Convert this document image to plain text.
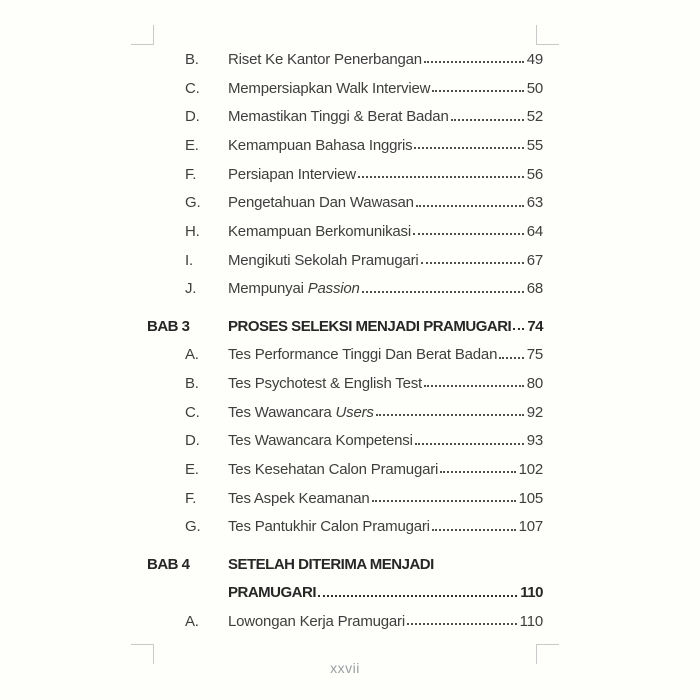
B.	Riset Ke Kantor Penerbangan	49
C.	Mempersiapkan Walk Interview	50
D.	Memastikan Tinggi & Berat Badan	52
E.	Kemampuan Bahasa Inggris	55
F.	Persiapan Interview	56
G.	Pengetahuan Dan Wawasan	63
H.	Kemampuan Berkomunikasi	64
I.	Mengikuti Sekolah Pramugari	67
J.	Mempunyai Passion	68
BAB 3	PROSES SELEKSI MENJADI PRAMUGARI 74
A.	Tes Performance Tinggi Dan Berat Badan 75
B.	Tes Psychotest & English Test	80
C.	Tes Wawancara Users	92
D.	Tes Wawancara Kompetensi	93
E.	Tes Kesehatan Calon Pramugari	102
F.	Tes Aspek Keamanan	105
G.	Tes Pantukhir Calon Pramugari	107
BAB 4	SETELAH DITERIMA MENJADI
PRAMUGARI	110
A.	Lowongan Kerja Pramugari	110
xxvii
